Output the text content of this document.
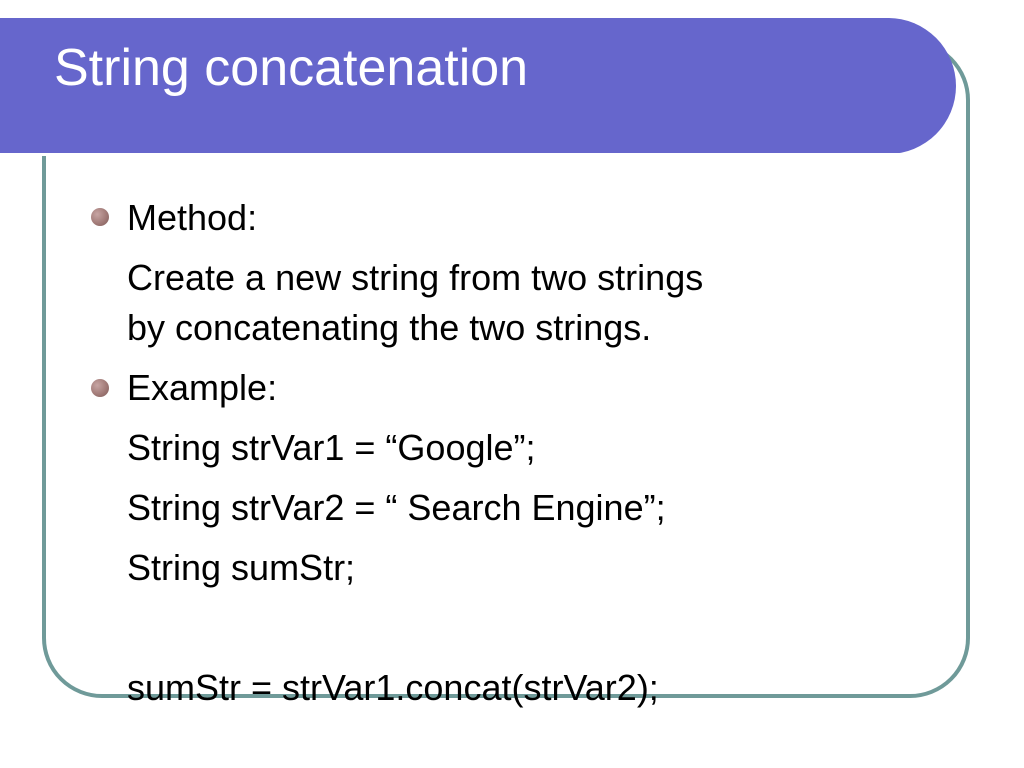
String concatenation

Method:

Create a new string from two strings

by concatenating the two strings.

Example:

String strVar1 = “Google”;

String strVar2 = “ Search Engine”;

String sumStr;

sumStr = strVar1.concat(strVar2);
